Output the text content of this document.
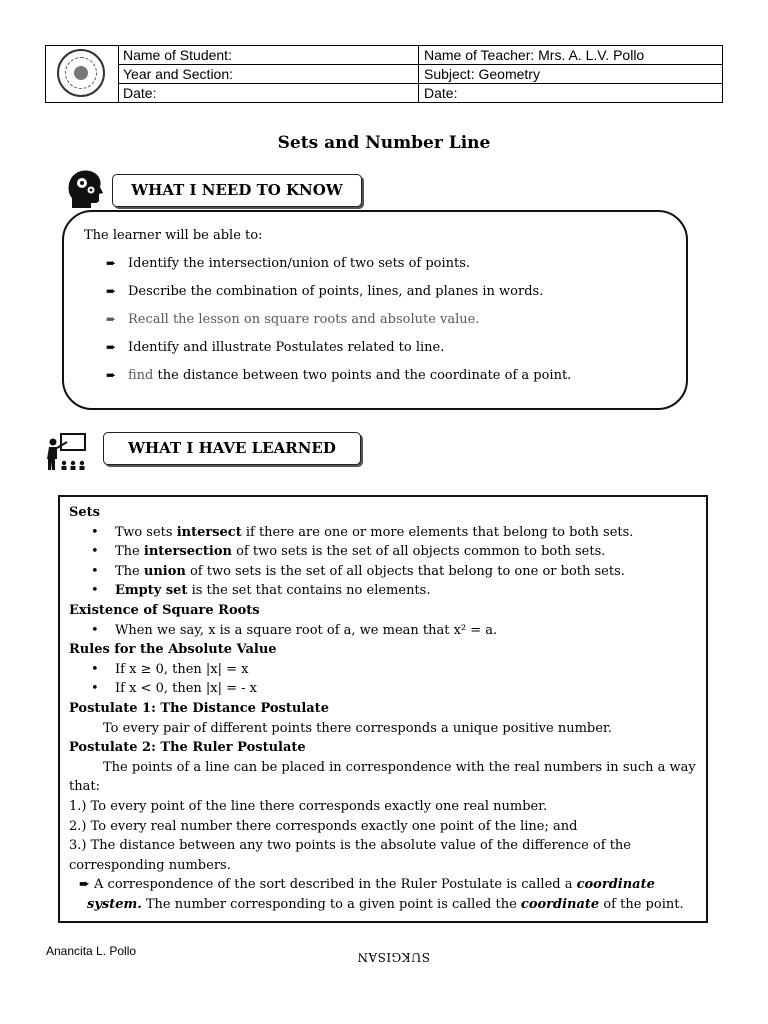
Name of Student:	Name of Teacher: Mrs. A. L.V. Pollo
Year and Section:	Subject: Geometry
Date:	Date:
Sets and Number Line
WHAT I NEED TO KNOW
The learner will be able to:
➨ Identify the intersection/union of two sets of points.
➨ Describe the combination of points, lines, and planes in words.
➨ Recall the lesson on square roots and absolute value.
➨ Identify and illustrate Postulates related to line.
➨ find the distance between two points and the coordinate of a point.
WHAT I HAVE LEARNED

Sets

• Two sets intersect if there are one or more elements that belong to both sets.

• The intersection of two sets is the set of all objects common to both sets.

• The union of two sets is the set of all objects that belong to one or both sets.

• Empty set is the set that contains no elements.

Existence of Square Roots

• When we say, x is a square root of a, we mean that x² = a.

Rules for the Absolute Value

• If x ≥ 0, then |x| = x

• If x < 0, then |x| = - x

Postulate 1: The Distance Postulate

To every pair of different points there corresponds a unique positive number.

Postulate 2: The Ruler Postulate

The points of a line can be placed in correspondence with the real numbers in such a way that:

1.) To every point of the line there corresponds exactly one real number.

2.) To every real number there corresponds exactly one point of the line; and

3.) The distance between any two points is the absolute value of the difference of the corresponding numbers.

➨ A correspondence of the sort described in the Ruler Postulate is called a coordinate system. The number corresponding to a given point is called the coordinate of the point.

Anancita L. Pollo	SUKGISAN
